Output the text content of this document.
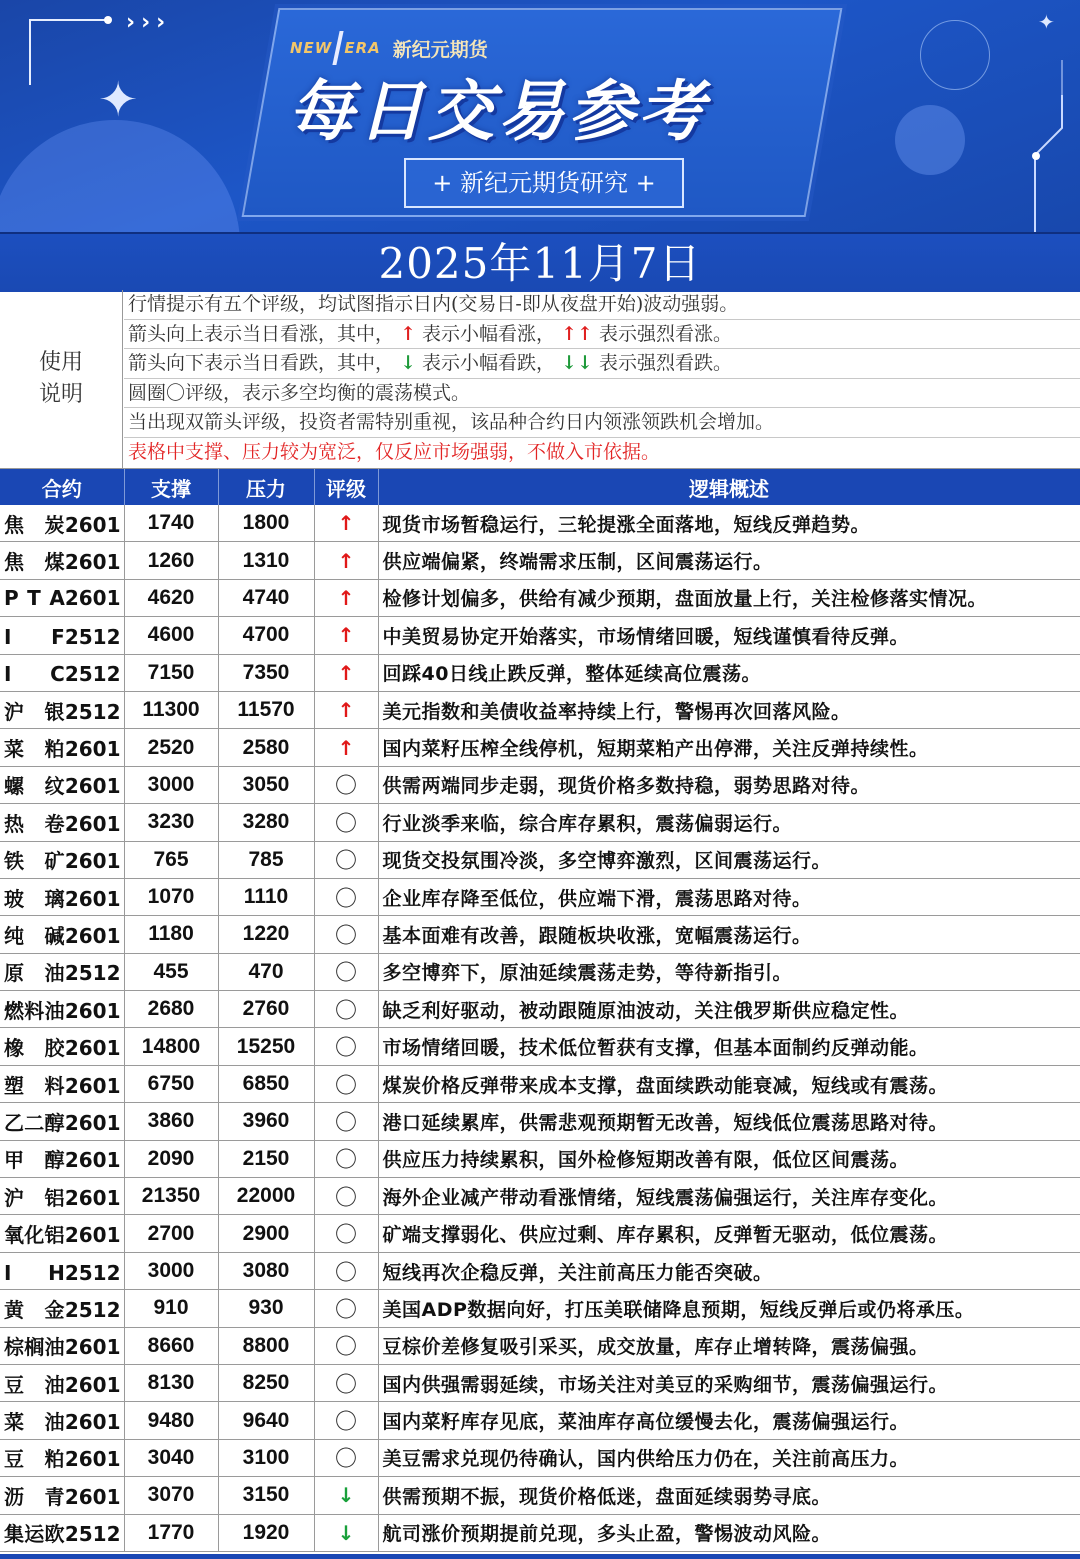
›››
✦
✦
NEW ERA 新纪元期货
每日交易参考
+ 新纪元期货研究 +
2025年11月7日
使用
说明
行情提示有五个评级，均试图指示日内(交易日-即从夜盘开始)波动强弱。
箭头向上表示当日看涨，其中， ↑ 表示小幅看涨， ↑↑ 表示强烈看涨。
箭头向下表示当日看跌，其中， ↓ 表示小幅看跌， ↓↓ 表示强烈看跌。
圆圈〇评级，表示多空均衡的震荡模式。
当出现双箭头评级，投资者需特别重视，该品种合约日内领涨领跌机会增加。
表格中支撑、压力较为宽泛，仅反应市场强弱，不做入市依据。
合约	支撑	压力	评级	逻辑概述
焦　炭2601	1740	1800	↑	现货市场暂稳运行，三轮提涨全面落地，短线反弹趋势。
焦　煤2601	1260	1310	↑	供应端偏紧，终端需求压制，区间震荡运行。
P T A2601	4620	4740	↑	检修计划偏多，供给有减少预期，盘面放量上行，关注检修落实情况。
I　F2512	4600	4700	↑	中美贸易协定开始落实，市场情绪回暖，短线谨慎看待反弹。
I　C2512	7150	7350	↑	回踩40日线止跌反弹，整体延续高位震荡。
沪　银2512	11300	11570	↑	美元指数和美债收益率持续上行，警惕再次回落风险。
菜　粕2601	2520	2580	↑	国内菜籽压榨全线停机，短期菜粕产出停滞，关注反弹持续性。
螺　纹2601	3000	3050	〇	供需两端同步走弱，现货价格多数持稳，弱势思路对待。
热　卷2601	3230	3280	〇	行业淡季来临，综合库存累积，震荡偏弱运行。
铁　矿2601	765	785	〇	现货交投氛围冷淡，多空博弈激烈，区间震荡运行。
玻　璃2601	1070	1110	〇	企业库存降至低位，供应端下滑，震荡思路对待。
纯　碱2601	1180	1220	〇	基本面难有改善，跟随板块收涨，宽幅震荡运行。
原　油2512	455	470	〇	多空博弈下，原油延续震荡走势，等待新指引。
燃料油2601	2680	2760	〇	缺乏利好驱动，被动跟随原油波动，关注俄罗斯供应稳定性。
橡　胶2601	14800	15250	〇	市场情绪回暖，技术低位暂获有支撑，但基本面制约反弹动能。
塑　料2601	6750	6850	〇	煤炭价格反弹带来成本支撑，盘面续跌动能衰减，短线或有震荡。
乙二醇2601	3860	3960	〇	港口延续累库，供需悲观预期暂无改善，短线低位震荡思路对待。
甲　醇2601	2090	2150	〇	供应压力持续累积，国外检修短期改善有限，低位区间震荡。
沪　铝2601	21350	22000	〇	海外企业减产带动看涨情绪，短线震荡偏强运行，关注库存变化。
氧化铝2601	2700	2900	〇	矿端支撑弱化、供应过剩、库存累积，反弹暂无驱动，低位震荡。
I　H2512	3000	3080	〇	短线再次企稳反弹，关注前高压力能否突破。
黄　金2512	910	930	〇	美国ADP数据向好，打压美联储降息预期，短线反弹后或仍将承压。
棕榈油2601	8660	8800	〇	豆棕价差修复吸引采买，成交放量，库存止增转降，震荡偏强。
豆　油2601	8130	8250	〇	国内供强需弱延续，市场关注对美豆的采购细节，震荡偏强运行。
菜　油2601	9480	9640	〇	国内菜籽库存见底，菜油库存高位缓慢去化，震荡偏强运行。
豆　粕2601	3040	3100	〇	美豆需求兑现仍待确认，国内供给压力仍在，关注前高压力。
沥　青2601	3070	3150	↓	供需预期不振，现货价格低迷，盘面延续弱势寻底。
集运欧2512	1770	1920	↓	航司涨价预期提前兑现，多头止盈，警惕波动风险。
